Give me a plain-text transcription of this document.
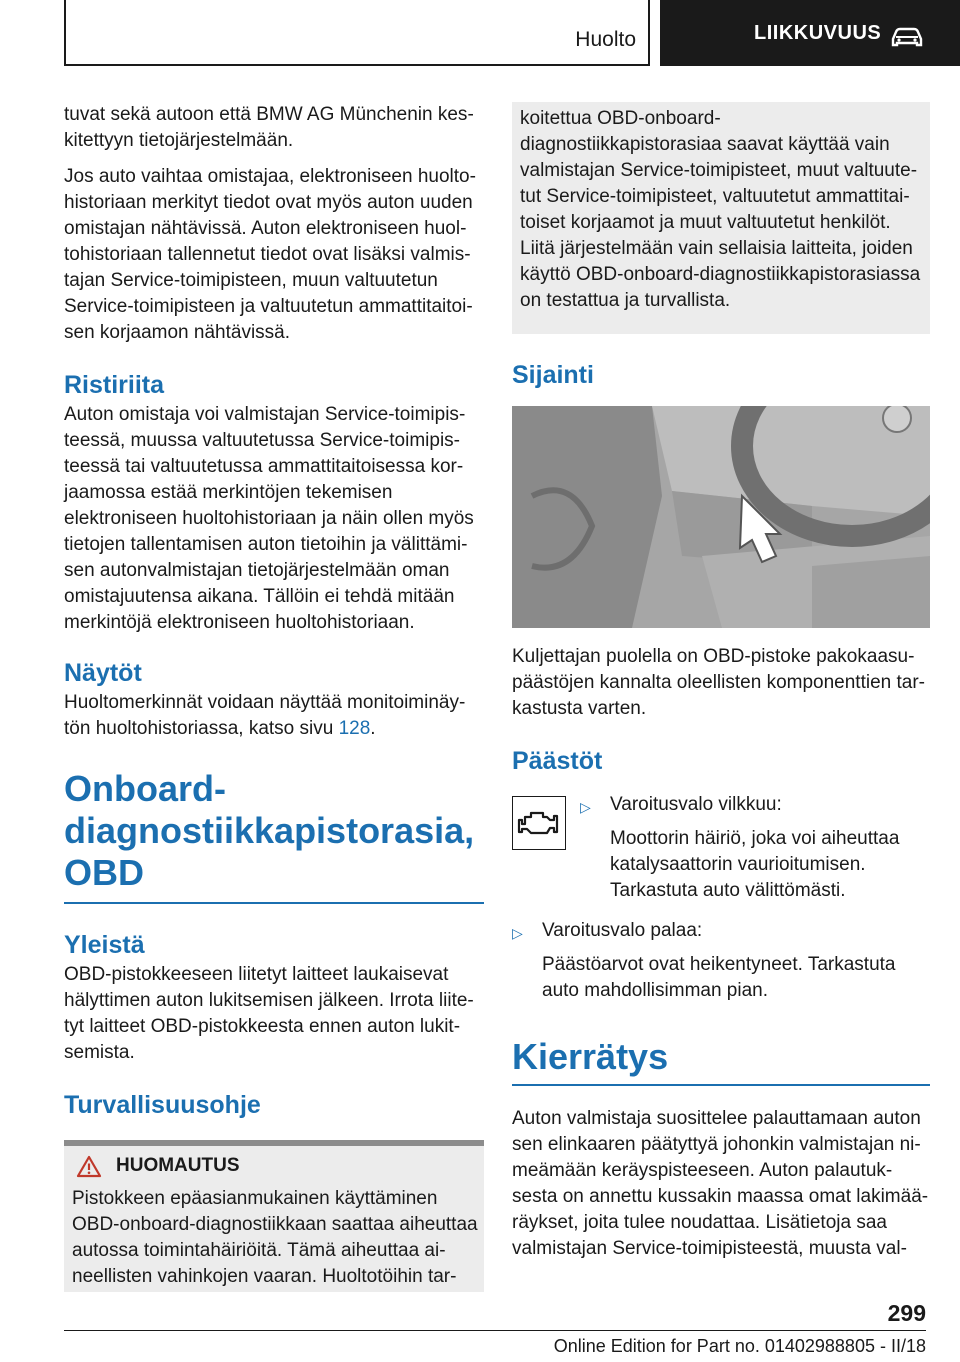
Huolto	LIIKKUVUUS

tuvat sekä autoon että BMW AG Münchenin keskitettyyn tietojärjestelmään.

Jos auto vaihtaa omistajaa, elektroniseen huoltohistoriaan merkityt tiedot ovat myös auton uuden omistajan nähtävissä. Auton elektroniseen huoltohistoriaan tallennetut tiedot ovat lisäksi valmistajan Service-toimipisteen, muun valtuutetun Service-toimipisteen ja valtuutetun ammattitaitoisen korjaamon nähtävissä.

Ristiriita

Auton omistaja voi valmistajan Service-toimipisteessä, muussa valtuutetussa Service-toimipisteessä tai valtuutetussa ammattitaitoisessa korjaamossa estää merkintöjen tekemisen elektroniseen huoltohistoriaan ja näin ollen myös tietojen tallentamisen auton tietoihin ja välittämisen autonvalmistajan tietojärjestelmään oman omistajuutensa aikana. Tällöin ei tehdä mitään merkintöjä elektroniseen huoltohistoriaan.

Näytöt

Huoltomerkinnät voidaan näyttää monitoiminäytön huoltohistoriassa, katso sivu 128.

Onboard-diagnostiikkapistorasia, OBD
Yleistä

OBD-pistokkeeseen liitetyt laitteet laukaisevat hälyttimen auton lukitsemisen jälkeen. Irrota liitetyt laitteet OBD-pistokkeesta ennen auton lukitsemista.

Turvallisuusohje
HUOMAUTUS

Pistokkeen epäasianmukainen käyttäminen OBD-onboard-diagnostiikkaan saattaa aiheuttaa autossa toimintahäiriöitä. Tämä aiheuttaa aineellisten vahinkojen vaaran. Huoltotöihin tar-

koitettua OBD-onboard-diagnostiikkapistorasiaa saavat käyttää vain valmistajan Service-toimipisteet, muut valtuutetut Service-toimipisteet, valtuutetut ammattitaitoiset korjaamot ja muut valtuutetut henkilöt. Liitä järjestelmään vain sellaisia laitteita, joiden käyttö OBD-onboard-diagnostiikkapistorasiassa on testattua ja turvallista.

Sijainti

Kuljettajan puolella on OBD-pistoke pakokaasupäästöjen kannalta oleellisten komponenttien tarkastusta varten.

Päästöt
▷	Varoitusvalo vilkkuu:

Moottorin häiriö, joka voi aiheuttaa katalysaattorin vaurioitumisen. Tarkastuta auto välittömästi.

▷	Varoitusvalo palaa:

Päästöarvot ovat heikentyneet. Tarkastuta auto mahdollisimman pian.

Kierrätys

Auton valmistaja suosittelee palauttamaan auton sen elinkaaren päätyttyä johonkin valmistajan nimeämään keräyspisteeseen. Auton palautuksesta on annettu kussakin maassa omat lakimääräykset, joita tulee noudattaa. Lisätietoja saa valmistajan Service-toimipisteestä, muusta val-

299
Online Edition for Part no. 01402988805 - II/18
